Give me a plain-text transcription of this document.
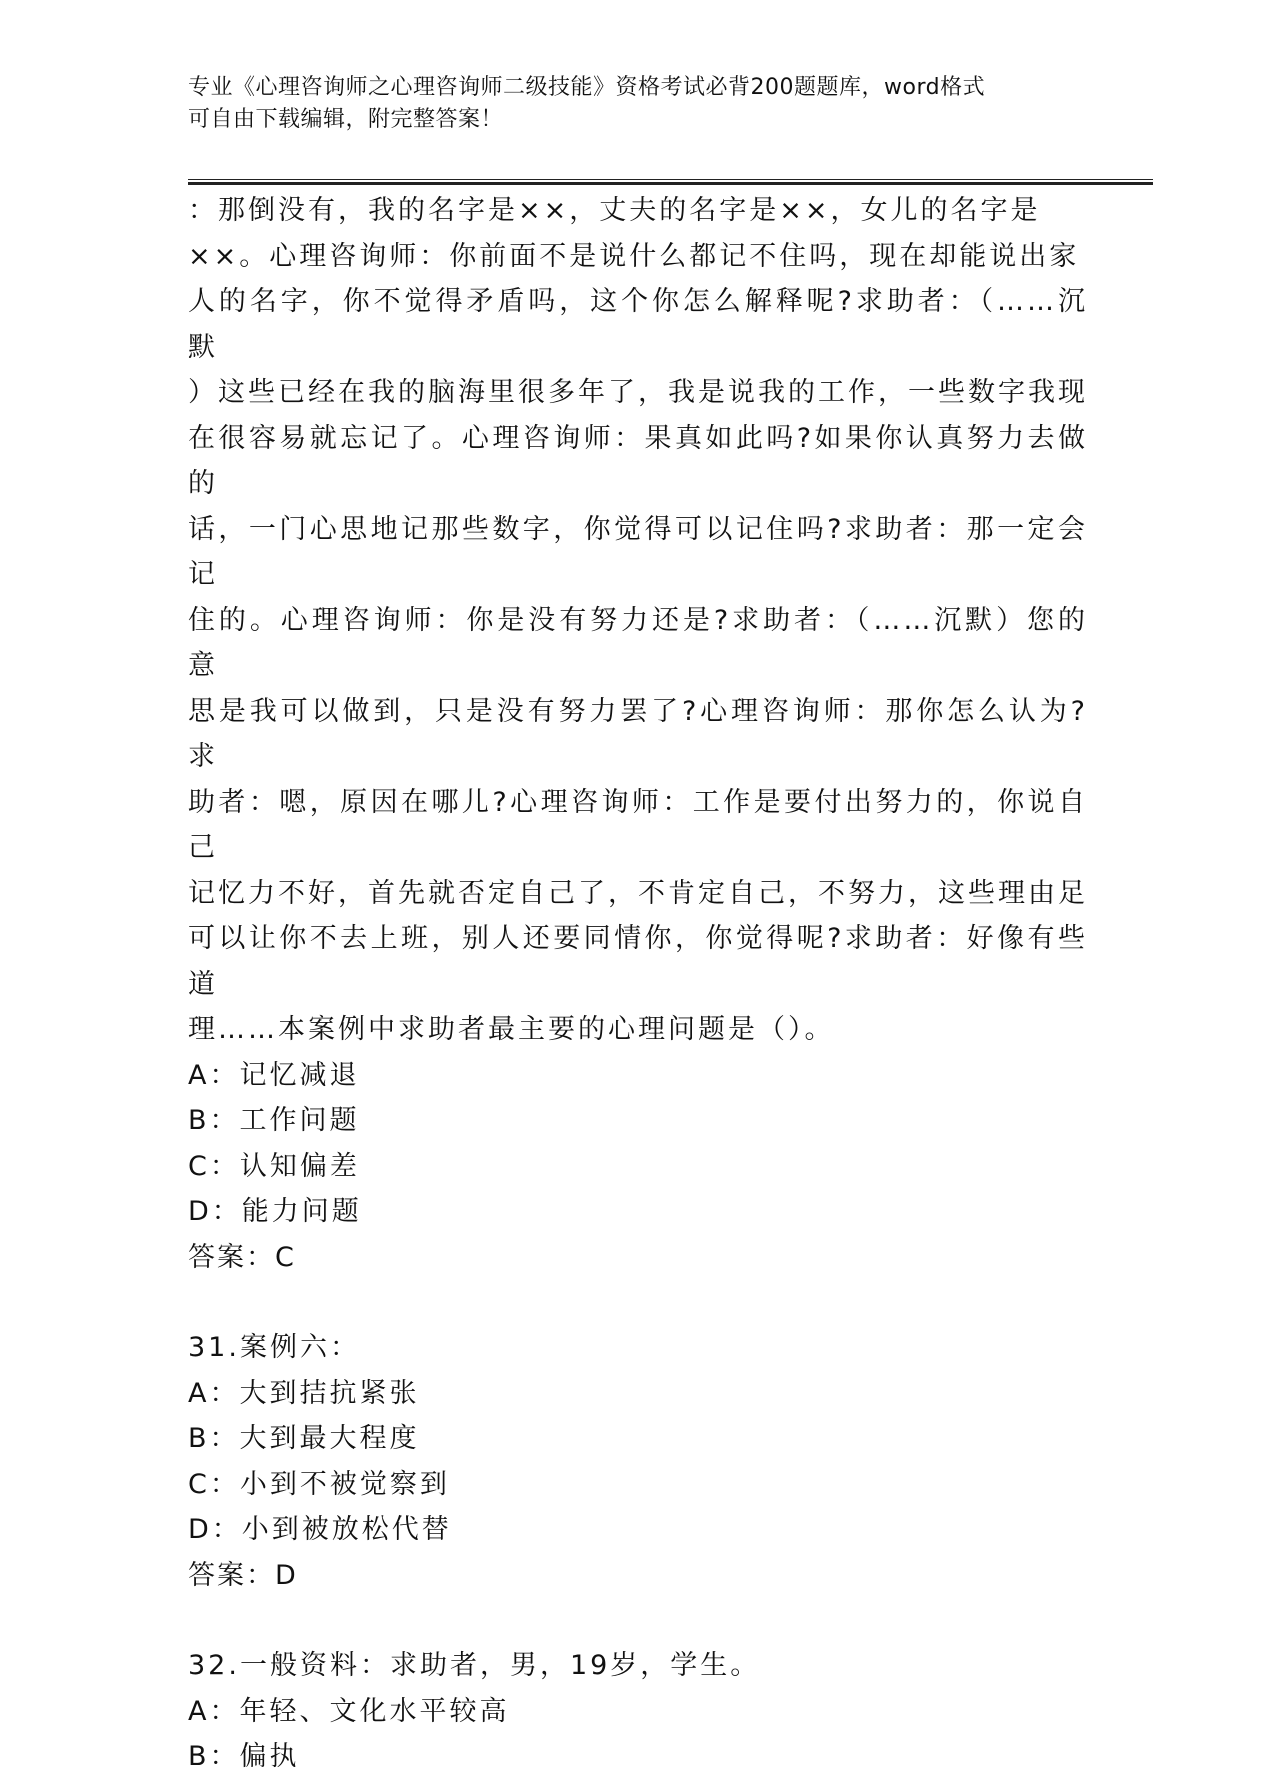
专业《心理咨询师之心理咨询师二级技能》资格考试必背200题题库，word格式
可自由下载编辑，附完整答案！
：那倒没有，我的名字是××，丈夫的名字是××，女儿的名字是
××。心理咨询师：你前面不是说什么都记不住吗，现在却能说出家
人的名字，你不觉得矛盾吗，这个你怎么解释呢?求助者：（……沉默
）这些已经在我的脑海里很多年了，我是说我的工作，一些数字我现
在很容易就忘记了。心理咨询师：果真如此吗?如果你认真努力去做的
话，一门心思地记那些数字，你觉得可以记住吗?求助者：那一定会记
住的。心理咨询师：你是没有努力还是?求助者：（……沉默）您的意
思是我可以做到，只是没有努力罢了?心理咨询师：那你怎么认为?求
助者：嗯，原因在哪儿?心理咨询师：工作是要付出努力的，你说自己
记忆力不好，首先就否定自己了，不肯定自己，不努力，这些理由足
可以让你不去上班，别人还要同情你，你觉得呢?求助者：好像有些道
理……本案例中求助者最主要的心理问题是（）。
A：记忆减退
B：工作问题
C：认知偏差
D：能力问题
答案：C
31.案例六：
A：大到拮抗紧张
B：大到最大程度
C：小到不被觉察到
D：小到被放松代替
答案：D
32.一般资料：求助者，男，19岁，学生。
A：年轻、文化水平较高
B：偏执
